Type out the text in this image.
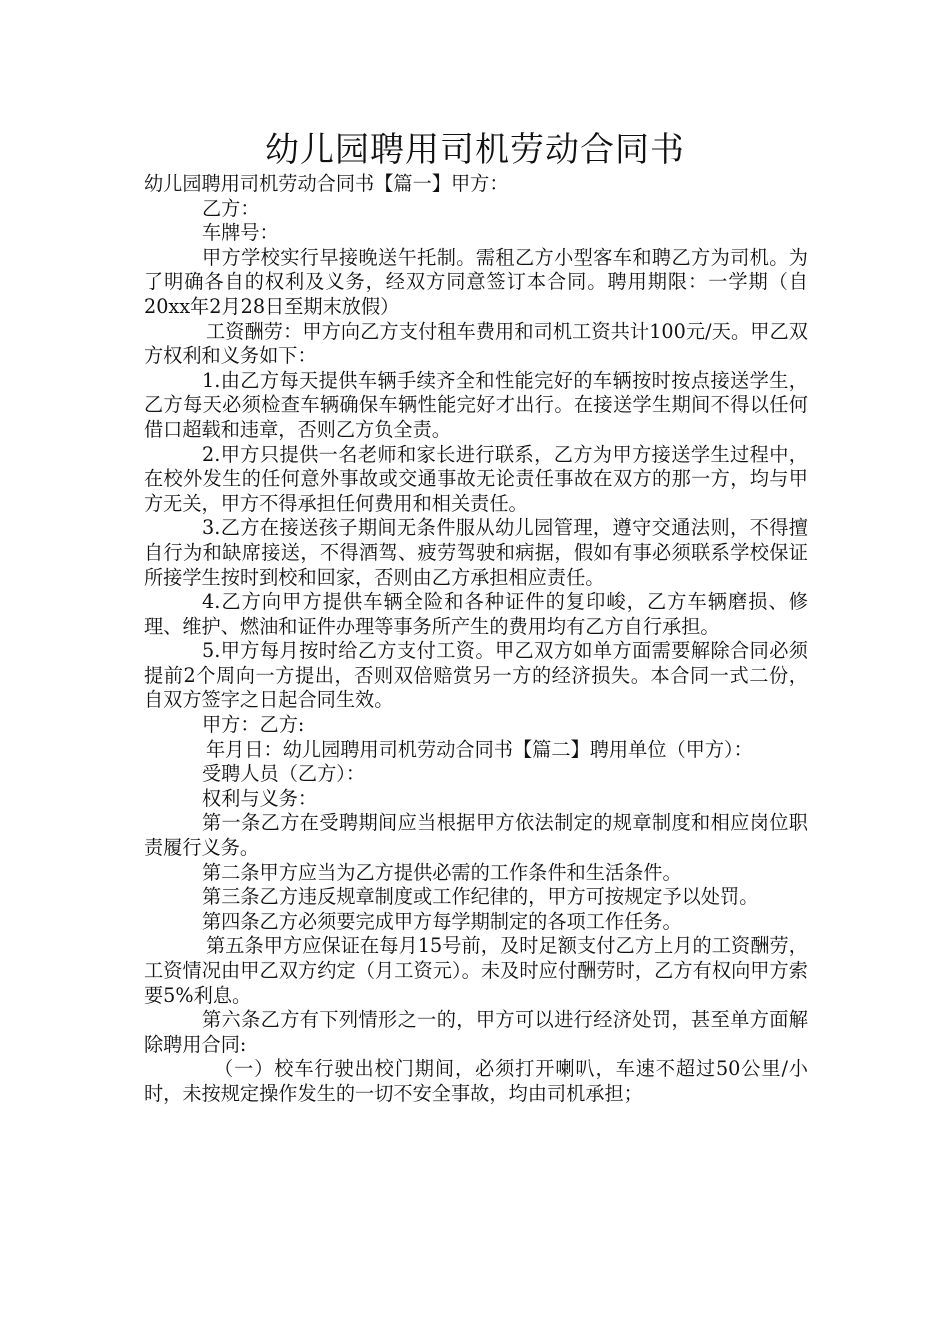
幼儿园聘用司机劳动合同书

幼儿园聘用司机劳动合同书【篇一】甲方：

乙方：

车牌号：

甲方学校实行早接晚送午托制。需租乙方小型客车和聘乙方为司机。为了明确各自的权利及义务，经双方同意签订本合同。聘用期限：一学期（自20xx年2月28日至期末放假）

工资酬劳：甲方向乙方支付租车费用和司机工资共计100元/天。甲乙双方权利和义务如下：

1.由乙方每天提供车辆手续齐全和性能完好的车辆按时按点接送学生，乙方每天必须检查车辆确保车辆性能完好才出行。在接送学生期间不得以任何借口超载和违章，否则乙方负全责。

2.甲方只提供一名老师和家长进行联系，乙方为甲方接送学生过程中，在校外发生的任何意外事故或交通事故无论责任事故在双方的那一方，均与甲方无关，甲方不得承担任何费用和相关责任。

3.乙方在接送孩子期间无条件服从幼儿园管理，遵守交通法则，不得擅自行为和缺席接送，不得酒驾、疲劳驾驶和病据，假如有事必须联系学校保证所接学生按时到校和回家，否则由乙方承担相应责任。

4.乙方向甲方提供车辆全险和各种证件的复印峻，乙方车辆磨损、修理、维护、燃油和证件办理等事务所产生的费用均有乙方自行承担。

5.甲方每月按时给乙方支付工资。甲乙双方如单方面需要解除合同必须提前2个周向一方提出，否则双倍赔赏另一方的经济损失。本合同一式二份，自双方签字之日起合同生效。

甲方：乙方:

年月日：幼儿园聘用司机劳动合同书【篇二】聘用单位（甲方）：

受聘人员（乙方）：

权利与义务：

第一条乙方在受聘期间应当根据甲方依法制定的规章制度和相应岗位职责履行义务。

第二条甲方应当为乙方提供必需的工作条件和生活条件。

第三条乙方违反规章制度或工作纪律的，甲方可按规定予以处罚。

第四条乙方必须要完成甲方每学期制定的各项工作任务。

第五条甲方应保证在每月15号前，及时足额支付乙方上月的工资酬劳，工资情况由甲乙双方约定（月工资元）。未及时应付酬劳时，乙方有权向甲方索要5%利息。

第六条乙方有下列情形之一的，甲方可以进行经济处罚，甚至单方面解除聘用合同:

（一）校车行驶出校门期间，必须打开喇叭，车速不超过50公里/小时，未按规定操作发生的一切不安全事故，均由司机承担；
